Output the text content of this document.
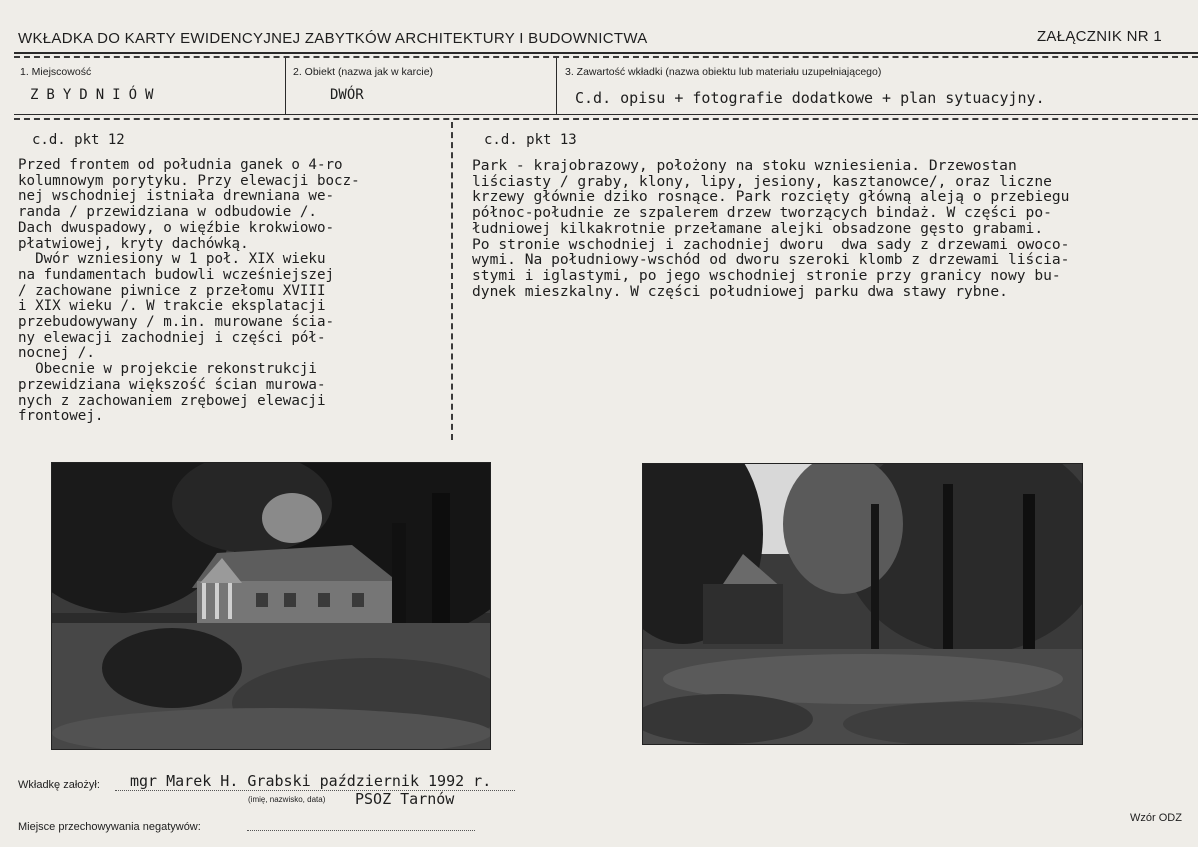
WKŁADKA DO KARTY EWIDENCYJNEJ ZABYTKÓW ARCHITEKTURY I BUDOWNICTWA	ZAŁĄCZNIK NR 1
1. Miejscowość
ZBYDNIÓW
2. Obiekt (nazwa jak w karcie)
DWÓR
3. Zawartość wkładki (nazwa obiektu lub materiału uzupełniającego)
C.d. opisu + fotografie dodatkowe + plan sytuacyjny.
c.d. pkt 12

Przed frontem od południa ganek o 4-ro
kolumnowym porytyku. Przy elewacji bocz-
nej wschodniej istniała drewniana we-
randa / przewidziana w odbudowie /.
Dach dwuspadowy, o więźbie krokwiowo-
płatwiowej, kryty dachówką.
Dwór wzniesiony w 1 poł. XIX wieku
na fundamentach budowli wcześniejszej
/ zachowane piwnice z przełomu XVIII
i XIX wieku /. W trakcie eksplatacji
przebudowywany / m.in. murowane ścia-
ny elewacji zachodniej i części pół-
nocnej /.
Obecnie w projekcie rekonstrukcji
przewidziana większość ścian murowa-
nych z zachowaniem zrębowej elewacji
frontowej.

c.d. pkt 13

Park - krajobrazowy, położony na stoku wzniesienia. Drzewostan
liściasty / graby, klony, lipy, jesiony, kasztanowce/, oraz liczne
krzewy głównie dziko rosnące. Park rozcięty główną aleją o przebiegu
północ-południe ze szpalerem drzew tworzących bindaż. W części po-
łudniowej kilkakrotnie przełamane alejki obsadzone gęsto grabami.
Po stronie wschodniej i zachodniej dworu  dwa sady z drzewami owoco-
wymi. Na południowy-wschód od dworu szeroki klomb z drzewami liścia-
stymi i iglastymi, po jego wschodniej stronie przy granicy nowy bu-
dynek mieszkalny. W części południowej parku dwa stawy rybne.

Wkładkę założył: mgr Marek H. Grabski październik 1992 r.
(imię, nazwisko, data) PSOZ Tarnów
Miejsce przechowywania negatywów:
Wzór ODZ
